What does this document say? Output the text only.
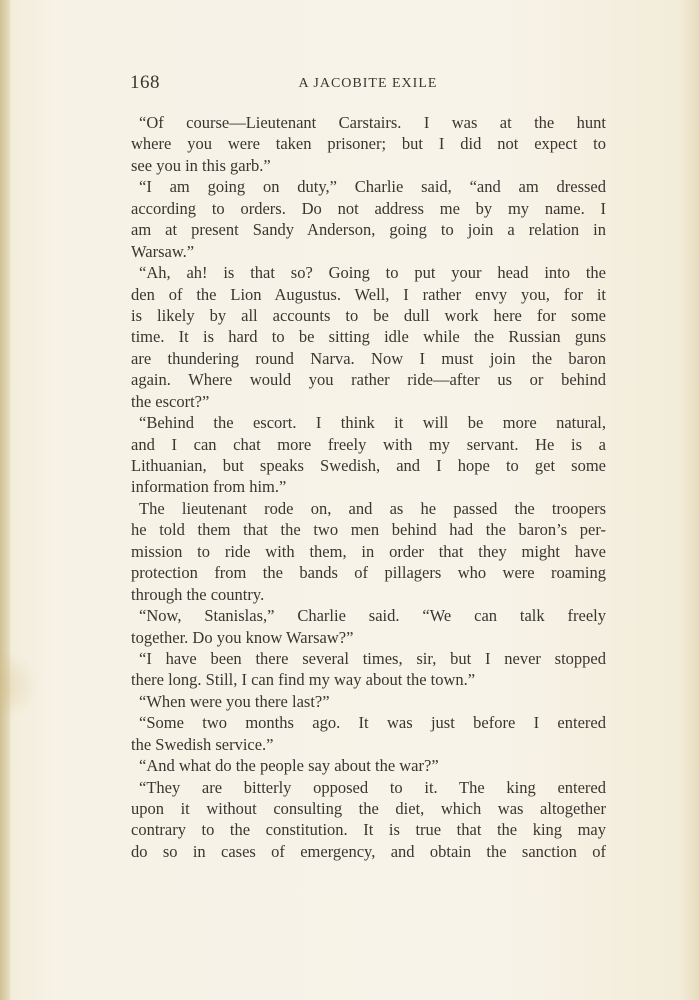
168	A JACOBITE EXILE
“Of course—Lieutenant Carstairs. I was at the hunt
where you were taken prisoner; but I did not expect to
see you in this garb.”
“I am going on duty,” Charlie said, “and am dressed
according to orders. Do not address me by my name. I
am at present Sandy Anderson, going to join a relation in
Warsaw.”
“Ah, ah! is that so? Going to put your head into the
den of the Lion Augustus. Well, I rather envy you, for it
is likely by all accounts to be dull work here for some
time. It is hard to be sitting idle while the Russian guns
are thundering round Narva. Now I must join the baron
again. Where would you rather ride—after us or behind
the escort?”
“Behind the escort. I think it will be more natural,
and I can chat more freely with my servant. He is a
Lithuanian, but speaks Swedish, and I hope to get some
information from him.”
The lieutenant rode on, and as he passed the troopers
he told them that the two men behind had the baron’s per-
mission to ride with them, in order that they might have
protection from the bands of pillagers who were roaming
through the country.
“Now, Stanislas,” Charlie said. “We can talk freely
together. Do you know Warsaw?”
“I have been there several times, sir, but I never stopped
there long. Still, I can find my way about the town.”
“When were you there last?”
“Some two months ago. It was just before I entered
the Swedish service.”
“And what do the people say about the war?”
“They are bitterly opposed to it. The king entered
upon it without consulting the diet, which was altogether
contrary to the constitution. It is true that the king may
do so in cases of emergency, and obtain the sanction of
